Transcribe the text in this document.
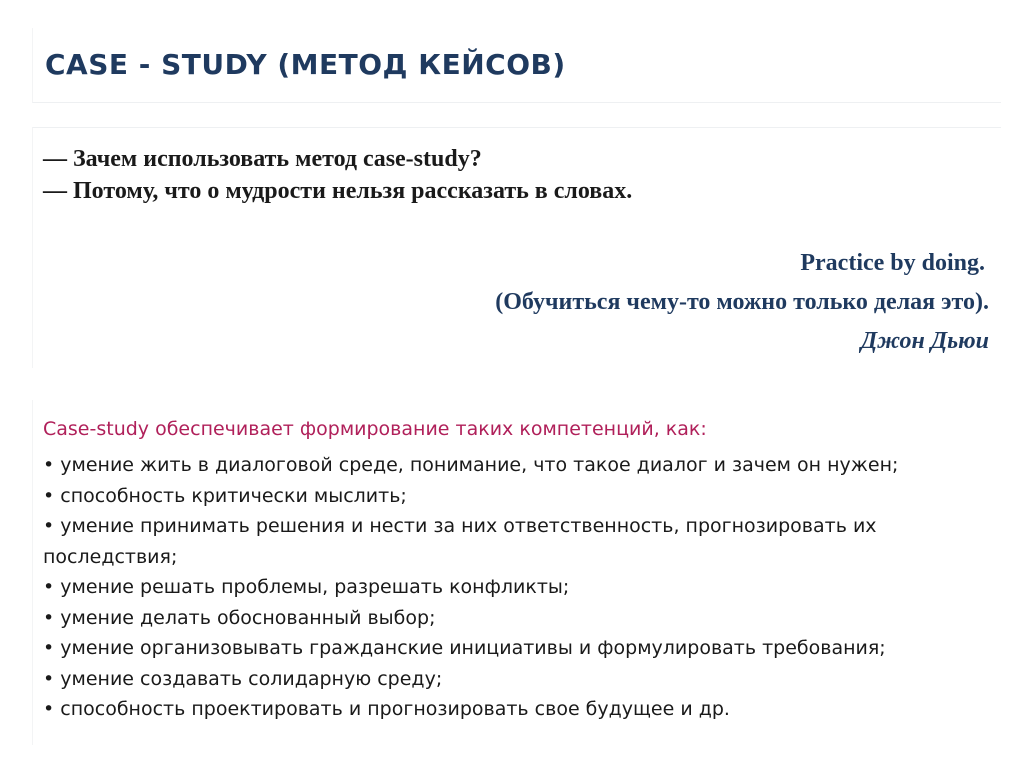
CASE - STUDY (МЕТОД КЕЙСОВ)

— Зачем использовать метод case-study?

— Потому, что о мудрости нельзя рассказать в словах.

Practice by doing.

(Обучиться чему-то можно только делая это).

Джон Дьюи

Case-study обеспечивает формирование таких компетенций, как:

• умение жить в диалоговой среде, понимание, что такое диалог и зачем он нужен;
• способность критически мыслить;
• умение принимать решения и нести за них ответственность, прогнозировать их последствия;
• умение решать проблемы, разрешать конфликты;
• умение делать обоснованный выбор;
• умение организовывать гражданские инициативы и формулировать требования;
• умение создавать солидарную среду;
• способность проектировать и прогнозировать свое будущее и др.
